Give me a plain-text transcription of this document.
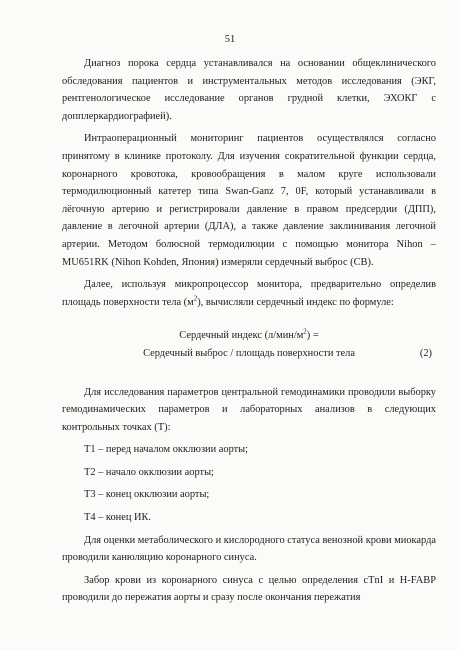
51

Диагноз порока сердца устанавливался на основании общеклинического обследования пациентов и инструментальных методов исследования (ЭКГ, рентгенологическое исследование органов грудной клетки, ЭХОКГ с допплеркардиографией).

Интраоперационный мониторинг пациентов осуществлялся согласно принятому в клинике протоколу. Для изучения сократительной функции сердца, коронарного кровотока, кровообращения в малом круге использовали термодилюционный катетер типа Swan-Ganz 7, 0F, который устанавливали в лёгочную артерию и регистрировали давление в правом предсердии (ДПП), давление в легочной артерии (ДЛА), а также давление заклинивания легочной артерии. Методом болюсной термодилюции с помощью монитора Nihon – MU651RK (Nihon Kohden, Япония) измеряли сердечный выброс (СВ).

Далее, используя микропроцессор монитора, предварительно определив площадь поверхности тела $(м^2)$, вычисляли сердечный индекс по формуле:

Сердечный индекс $(л/мин/м^2)$ =

Сердечный выброс / площадь поверхности тела	(2)

Для исследования параметров центральной гемодинамики проводили выборку гемодинамических параметров и лабораторных анализов в следующих контрольных точках (Т):

Т1 – перед началом окклюзии аорты;

Т2 – начало окклюзии аорты;

Т3 – конец окклюзии аорты;

Т4 – конец ИК.

Для оценки метаболического и кислородного статуса венозной крови миокарда проводили канюляцию коронарного синуса.

Забор крови из коронарного синуса с целью определения cTnI и H-FABP проводили до пережатия аорты и сразу после окончания пережатия
